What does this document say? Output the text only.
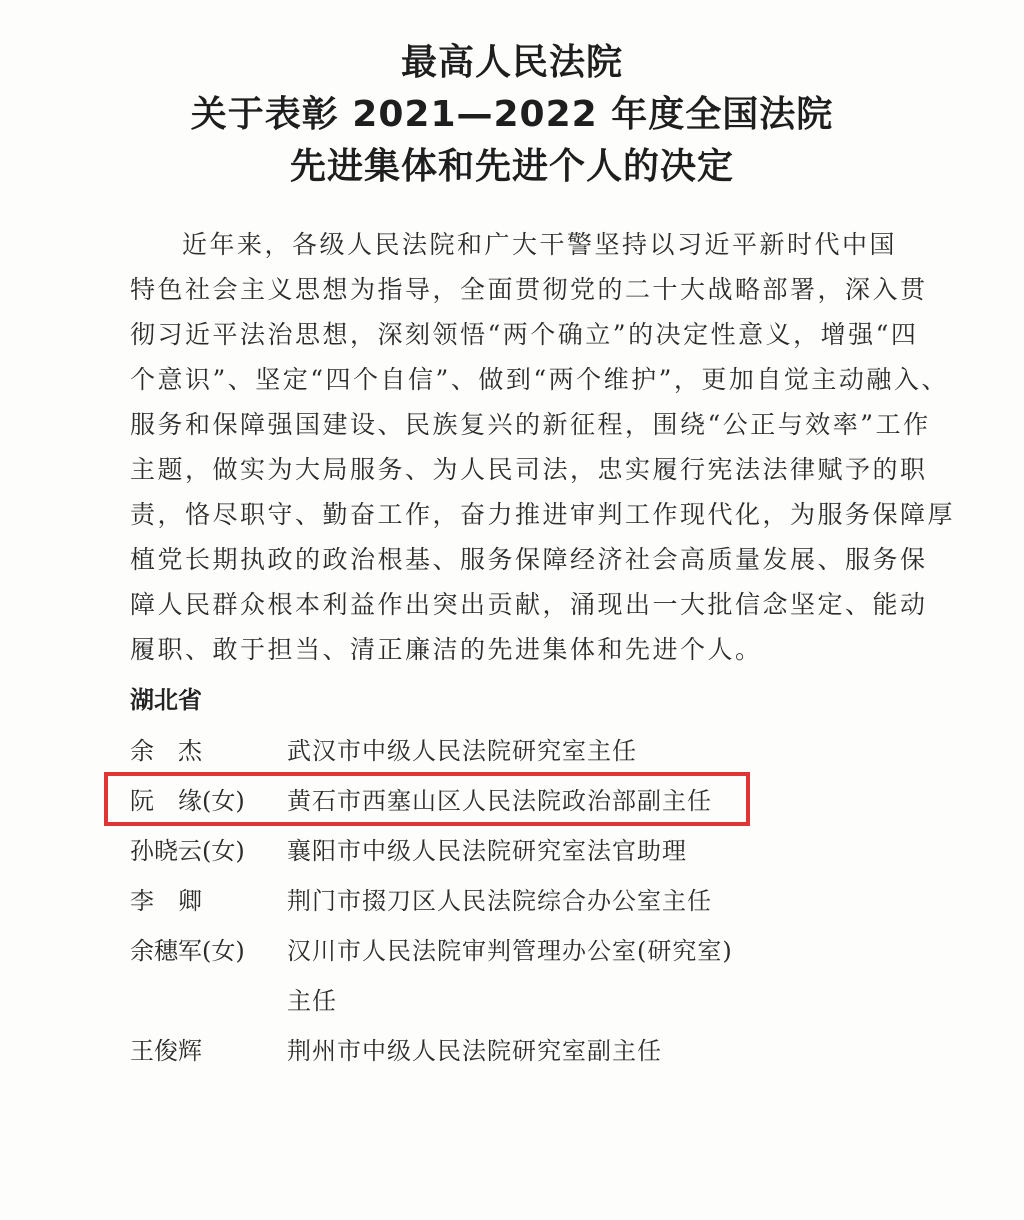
最高人民法院
关于表彰 2021—2022 年度全国法院
先进集体和先进个人的决定
近年来，各级人民法院和广大干警坚持以习近平新时代中国
特色社会主义思想为指导，全面贯彻党的二十大战略部署，深入贯
彻习近平法治思想，深刻领悟“两个确立”的决定性意义，增强“四
个意识”、坚定“四个自信”、做到“两个维护”，更加自觉主动融入、
服务和保障强国建设、民族复兴的新征程，围绕“公正与效率”工作
主题，做实为大局服务、为人民司法，忠实履行宪法法律赋予的职
责，恪尽职守、勤奋工作，奋力推进审判工作现代化，为服务保障厚
植党长期执政的政治根基、服务保障经济社会高质量发展、服务保
障人民群众根本利益作出突出贡献，涌现出一大批信念坚定、能动
履职、敢于担当、清正廉洁的先进集体和先进个人。
湖北省
余　杰	武汉市中级人民法院研究室主任
阮　缘(女) 黄石市西塞山区人民法院政治部副主任
孙晓云(女) 襄阳市中级人民法院研究室法官助理
李　卿	荆门市掇刀区人民法院综合办公室主任
余穗军(女) 汉川市人民法院审判管理办公室(研究室)
主任
王俊辉	荆州市中级人民法院研究室副主任
